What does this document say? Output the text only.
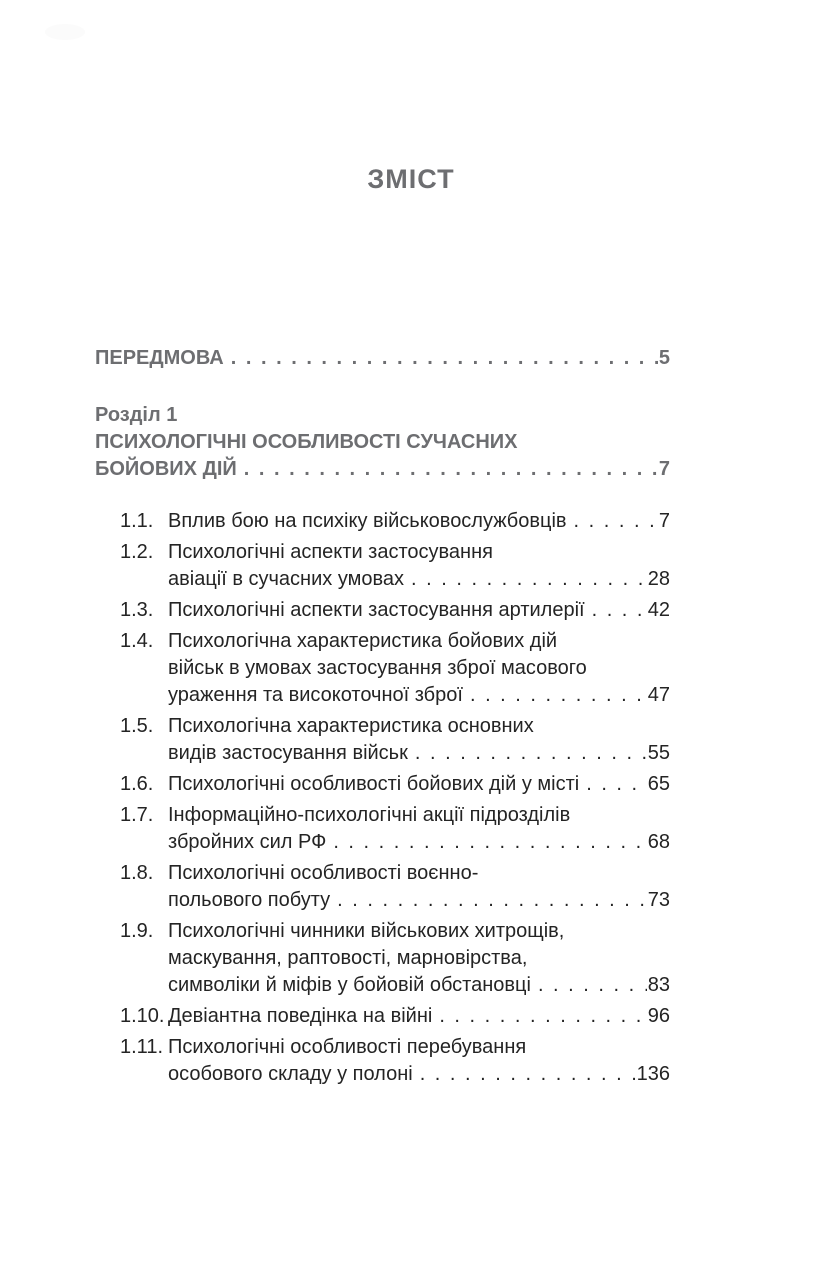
ЗМІСТ
ПЕРЕДМОВА . . .	5
Розділ 1
ПСИХОЛОГІЧНІ ОСОБЛИВОСТІ СУЧАСНИХ
БОЙОВИХ ДІЙ . . .	7
1.1. Вплив бою на психіку військовослужбовців . . .	7
1.2. Психологічні аспекти застосування
авіації в сучасних умовах . . .	28
1.3. Психологічні аспекти застосування артилерії . . .	42
1.4. Психологічна характеристика бойових дій
військ в умовах застосування зброї масового
ураження та високоточної зброї . . .	47
1.5. Психологічна характеристика основних
видів застосування військ . . .	55
1.6. Психологічні особливості бойових дій у місті . . .	65
1.7. Інформаційно-психологічні акції підрозділів
збройних сил РФ . . .	68
1.8. Психологічні особливості воєнно-
польового побуту . . .	73
1.9. Психологічні чинники військових хитрощів,
маскування, раптовості, марновірства,
символіки й міфів у бойовій обстановці . . .	83
1.10. Девіантна поведінка на війні . . .	96
1.11. Психологічні особливості перебування
особового складу у полоні . . .	136
